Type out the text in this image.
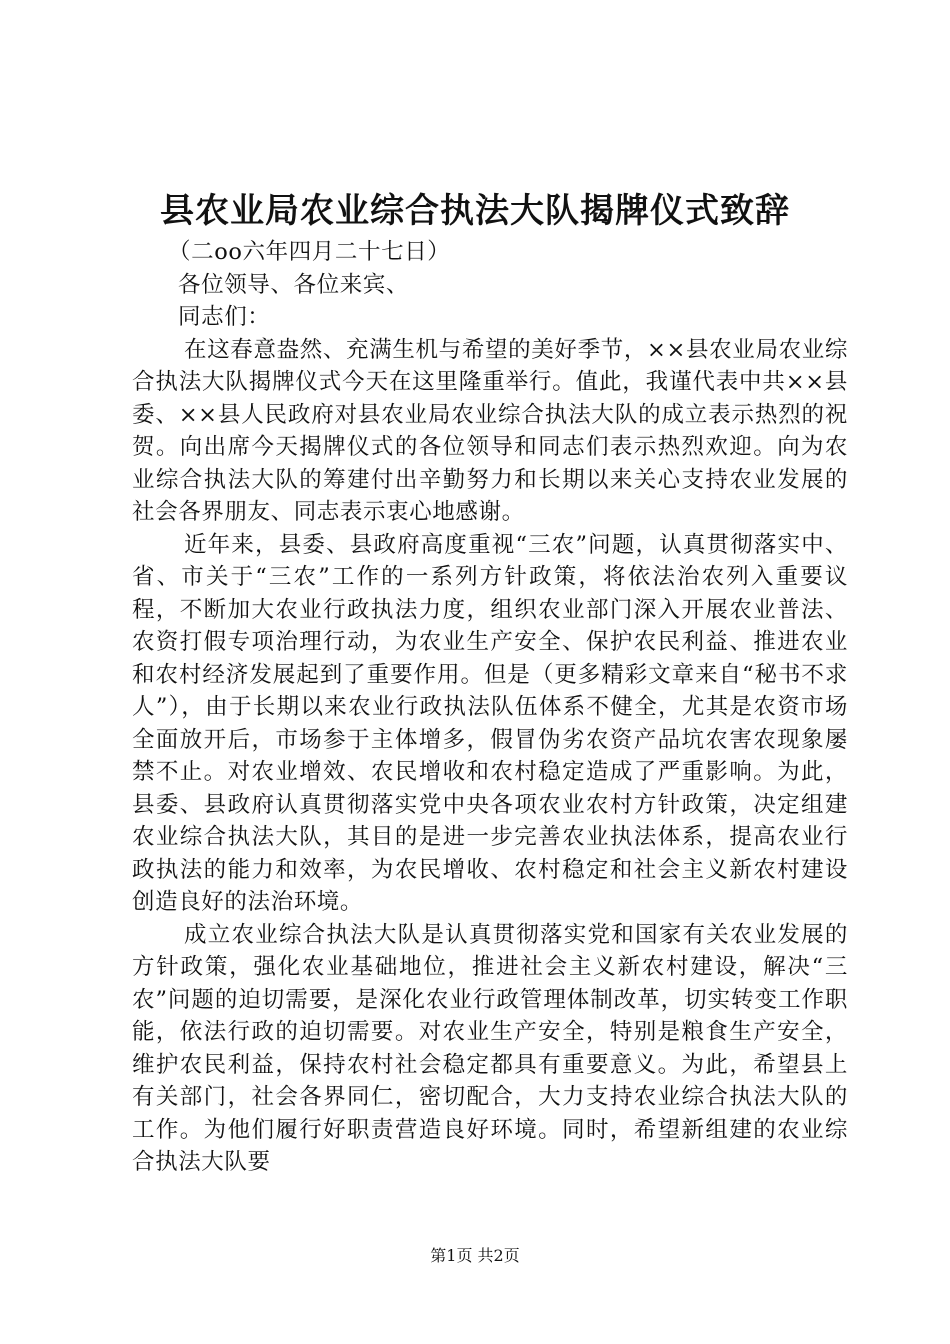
县农业局农业综合执法大队揭牌仪式致辞
（二oo六年四月二十七日）
各位领导、各位来宾、
同志们：

在这春意盎然、充满生机与希望的美好季节，××县农业局农业综合执法大队揭牌仪式今天在这里隆重举行。值此，我谨代表中共××县委、××县人民政府对县农业局农业综合执法大队的成立表示热烈的祝贺。向出席今天揭牌仪式的各位领导和同志们表示热烈欢迎。向为农业综合执法大队的筹建付出辛勤努力和长期以来关心支持农业发展的社会各界朋友、同志表示衷心地感谢。

近年来，县委、县政府高度重视“三农”问题，认真贯彻落实中、省、市关于“三农”工作的一系列方针政策，将依法治农列入重要议程，不断加大农业行政执法力度，组织农业部门深入开展农业普法、农资打假专项治理行动，为农业生产安全、保护农民利益、推进农业和农村经济发展起到了重要作用。但是（更多精彩文章来自“秘书不求人”），由于长期以来农业行政执法队伍体系不健全，尤其是农资市场全面放开后，市场参于主体增多，假冒伪劣农资产品坑农害农现象屡禁不止。对农业增效、农民增收和农村稳定造成了严重影响。为此，县委、县政府认真贯彻落实党中央各项农业农村方针政策，决定组建农业综合执法大队，其目的是进一步完善农业执法体系，提高农业行政执法的能力和效率，为农民增收、农村稳定和社会主义新农村建设创造良好的法治环境。

成立农业综合执法大队是认真贯彻落实党和国家有关农业发展的方针政策，强化农业基础地位，推进社会主义新农村建设，解决“三农”问题的迫切需要，是深化农业行政管理体制改革，切实转变工作职能，依法行政的迫切需要。对农业生产安全，特别是粮食生产安全，维护农民利益，保持农村社会稳定都具有重要意义。为此，希望县上有关部门，社会各界同仁，密切配合，大力支持农业综合执法大队的工作。为他们履行好职责营造良好环境。同时，希望新组建的农业综合执法大队要

第1页 共2页
